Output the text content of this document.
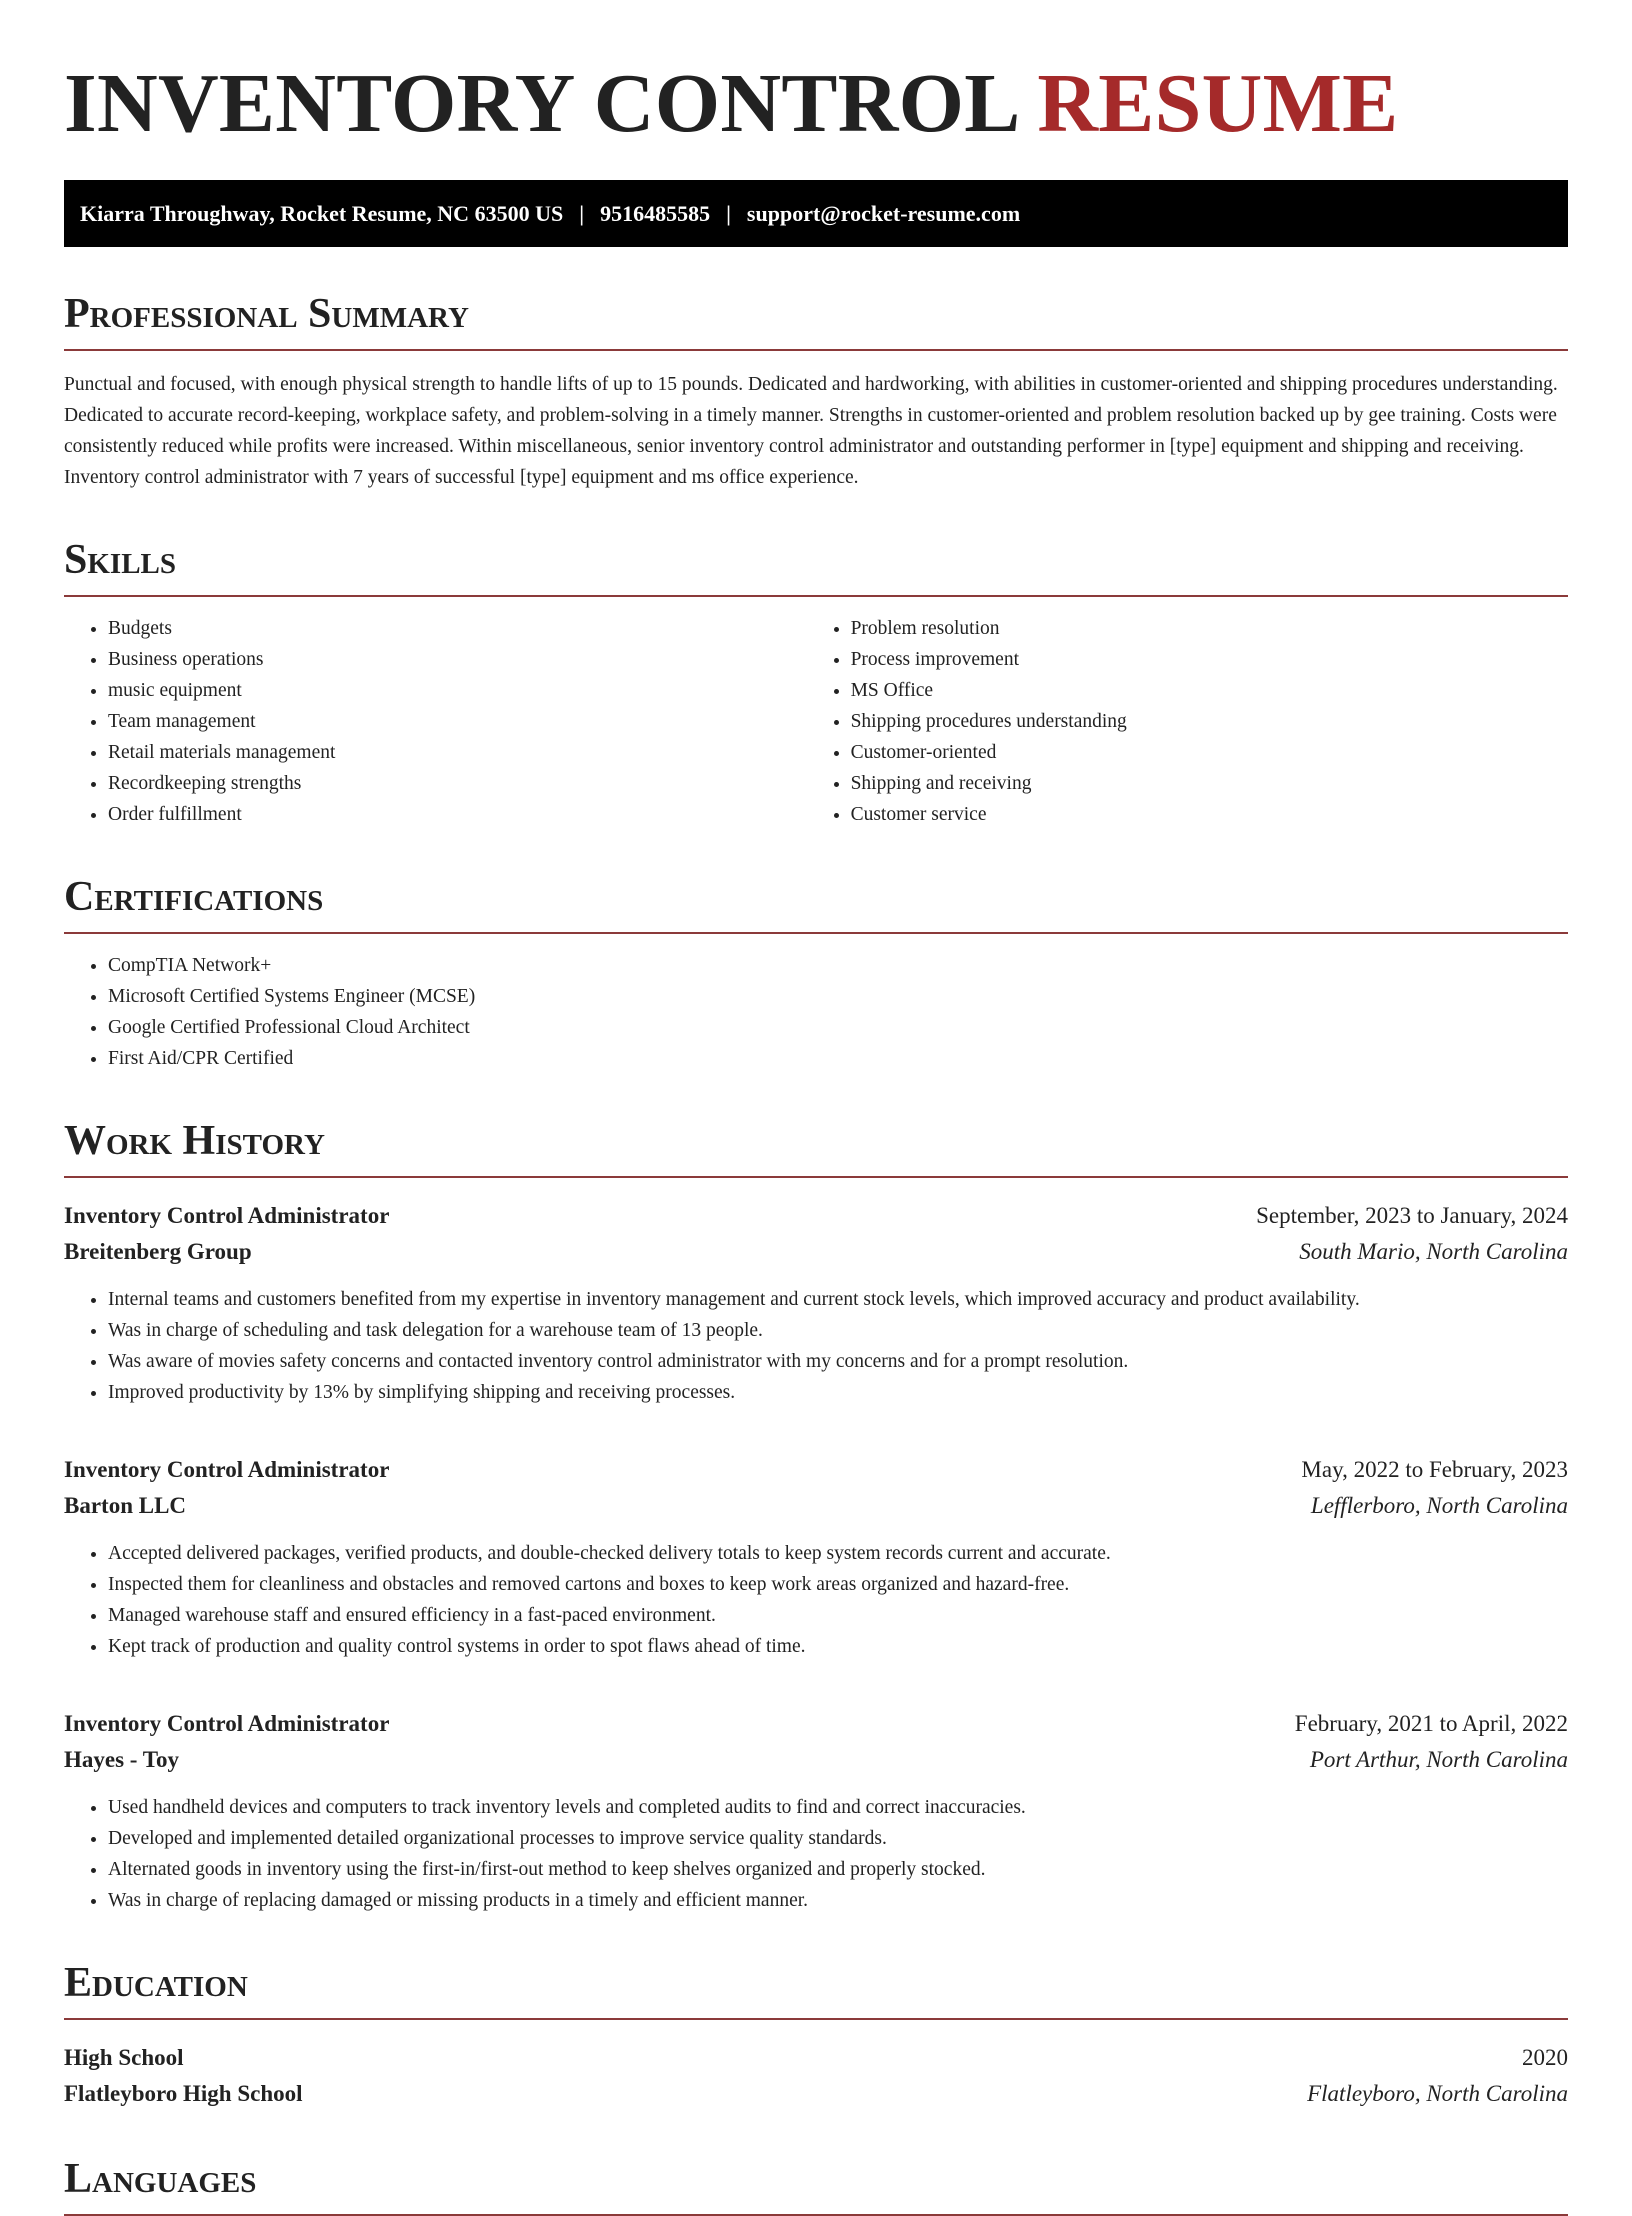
INVENTORY CONTROL RESUME
Kiarra Throughway, Rocket Resume, NC 63500 US | 9516485585 | support@rocket-resume.com
Professional Summary

Punctual and focused, with enough physical strength to handle lifts of up to 15 pounds. Dedicated and hardworking, with abilities in customer-oriented and shipping procedures understanding. Dedicated to accurate record-keeping, workplace safety, and problem-solving in a timely manner. Strengths in customer-oriented and problem resolution backed up by gee training. Costs were consistently reduced while profits were increased. Within miscellaneous, senior inventory control administrator and outstanding performer in [type] equipment and shipping and receiving. Inventory control administrator with 7 years of successful [type] equipment and ms office experience.

Skills
• Budgets
• Business operations
• music equipment
• Team management
• Retail materials management
• Recordkeeping strengths
• Order fulfillment
• Problem resolution
• Process improvement
• MS Office
• Shipping procedures understanding
• Customer-oriented
• Shipping and receiving
• Customer service
Certifications
• CompTIA Network+
• Microsoft Certified Systems Engineer (MCSE)
• Google Certified Professional Cloud Architect
• First Aid/CPR Certified
Work History
Inventory Control Administrator	September, 2023 to January, 2024
Breitenberg Group	South Mario, North Carolina
• Internal teams and customers benefited from my expertise in inventory management and current stock levels, which improved accuracy and product availability.
• Was in charge of scheduling and task delegation for a warehouse team of 13 people.
• Was aware of movies safety concerns and contacted inventory control administrator with my concerns and for a prompt resolution.
• Improved productivity by 13% by simplifying shipping and receiving processes.
Inventory Control Administrator	May, 2022 to February, 2023
Barton LLC	Lefflerboro, North Carolina
• Accepted delivered packages, verified products, and double-checked delivery totals to keep system records current and accurate.
• Inspected them for cleanliness and obstacles and removed cartons and boxes to keep work areas organized and hazard-free.
• Managed warehouse staff and ensured efficiency in a fast-paced environment.
• Kept track of production and quality control systems in order to spot flaws ahead of time.
Inventory Control Administrator	February, 2021 to April, 2022
Hayes - Toy	Port Arthur, North Carolina
• Used handheld devices and computers to track inventory levels and completed audits to find and correct inaccuracies.
• Developed and implemented detailed organizational processes to improve service quality standards.
• Alternated goods in inventory using the first-in/first-out method to keep shelves organized and properly stocked.
• Was in charge of replacing damaged or missing products in a timely and efficient manner.
Education
High School	2020
Flatleyboro High School	Flatleyboro, North Carolina
Languages
